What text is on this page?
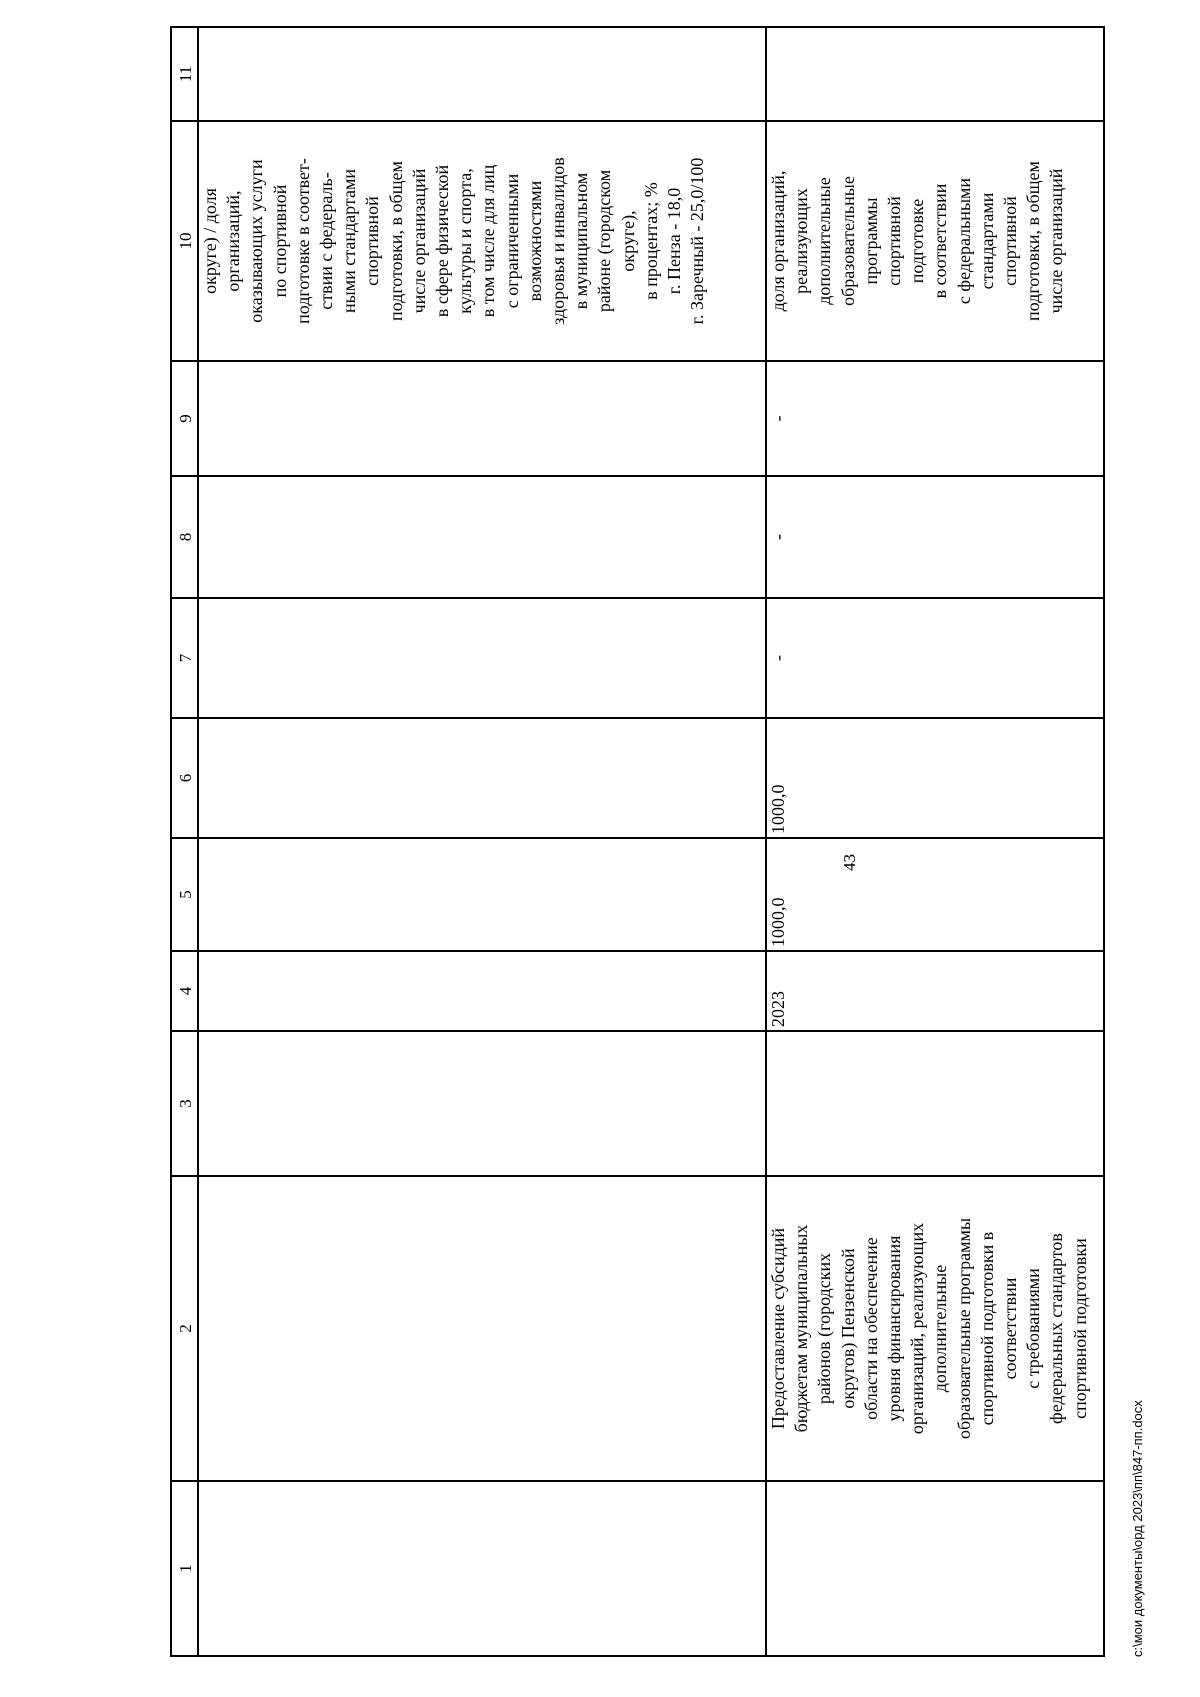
43
1
2
3
4
5
6
7
8
9
10
11
округе) / доля
организаций,
оказывающих услуги
по спортивной
подготовке в соответ-
ствии с федераль-
ными стандартами
спортивной
подготовки, в общем
числе организаций
в сфере физической
культуры и спорта,
в том числе для лиц
с ограниченными
возможностями
здоровья и инвалидов
в муниципальном
районе (городском
округе),
в процентах; %
г. Пенза - 18,0
г. Заречный - 25,0/100
Предоставление субсидий
бюджетам муниципальных
районов (городских
округов) Пензенской
области на обеспечение
уровня финансирования
организаций, реализующих
дополнительные
образовательные программы
спортивной подготовки в
соответствии
с требованиями
федеральных стандартов
спортивной подготовки
2023
1000,0
1000,0
-
-
-
доля организаций,
реализующих
дополнительные
образовательные
программы
спортивной
подготовке
в соответствии
с федеральными
стандартами
спортивной
подготовки, в общем
числе организаций
c:\мои документы\орд 2023\пп\847-пп.docx
